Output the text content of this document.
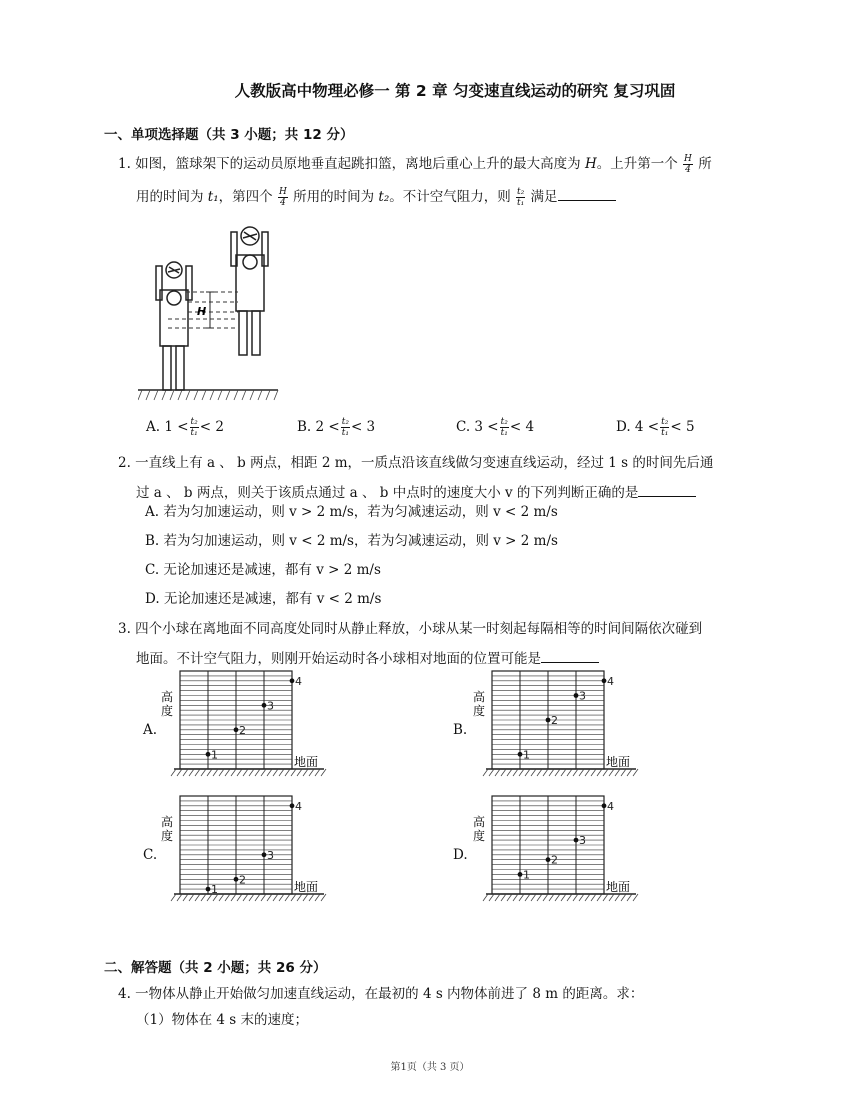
人教版高中物理必修一 第 2 章 匀变速直线运动的研究 复习巩固
一、单项选择题（共 3 小题；共 12 分）
1. 如图，篮球架下的运动员原地垂直起跳扣篮，离地后重心上升的最大高度为 H。上升第一个 $\frac{H}{4}$ 所
用的时间为 t₁，第四个 $\frac{H}{4}$ 所用的时间为 t₂。不计空气阻力，则 $\frac{\text{t₂}}{\text{t₁}}$ 满足
H
A. $1 < \frac{\text{t₂}}{\text{t₁}} < 2$	B. $2 < \frac{\text{t₂}}{\text{t₁}} < 3$	C. $3 < \frac{\text{t₂}}{\text{t₁}} < 4$	D. $4 < \frac{\text{t₂}}{\text{t₁}} < 5$
2. 一直线上有 a 、 b 两点，相距 2 m，一质点沿该直线做匀变速直线运动，经过 1 s 的时间先后通
过 a 、 b 两点，则关于该质点通过 a 、 b 中点时的速度大小 v 的下列判断正确的是
A. 若为匀加速运动，则 v > 2 m/s，若为匀减速运动，则 v < 2 m/s
B. 若为匀加速运动，则 v < 2 m/s，若为匀减速运动，则 v > 2 m/s
C. 无论加速还是减速，都有 v > 2 m/s
D. 无论加速还是减速，都有 v < 2 m/s
3. 四个小球在离地面不同高度处同时从静止释放，小球从某一时刻起每隔相等的时间间隔依次碰到
地面。不计空气阻力，则刚开始运动时各小球相对地面的位置可能是
A.
高
度
地面
1
2
3
4
B.
高
度
地面
1
2
3
4
C.
高
度
地面
1
2
3
4
D.
高
度
地面
1
2
3
4
二、解答题（共 2 小题；共 26 分）
4. 一物体从静止开始做匀加速直线运动，在最初的 4 s 内物体前进了 8 m 的距离。求：
（1）物体在 4 s 末的速度；
第1页（共 3 页）
